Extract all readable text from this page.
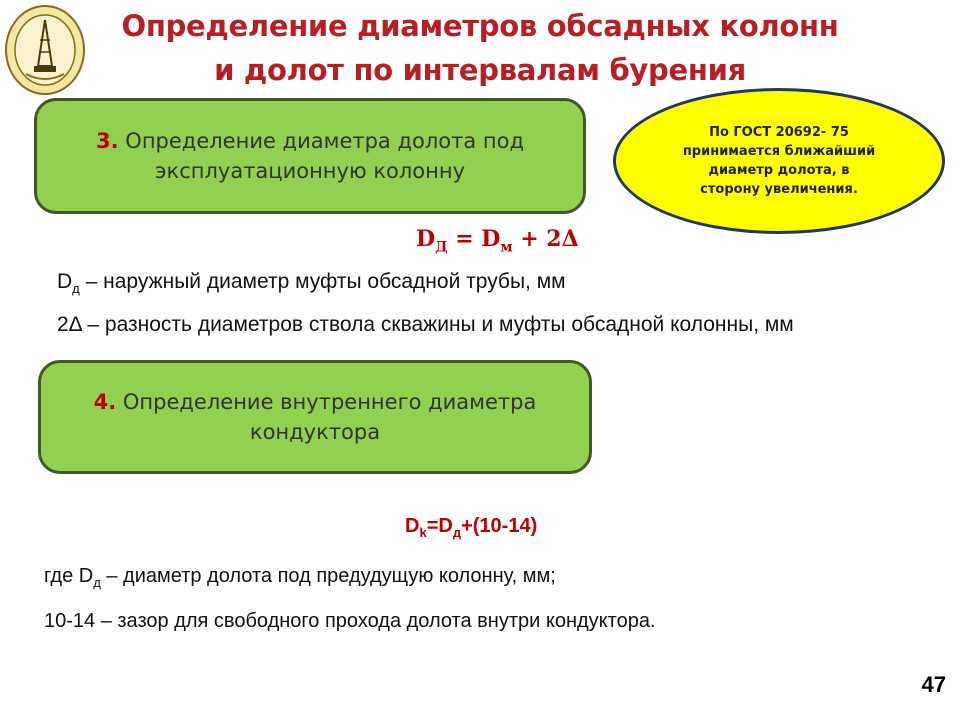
Определение диаметров обсадных колонн
и долот по интервалам бурения
3. Определение диаметра долота под
эксплуатационную колонну
По ГОСТ 20692- 75
принимается ближайший
диаметр долота, в
сторону увеличения.
$D_Д = D_м + 2\Delta$
$D_д$ – наружный диаметр муфты обсадной трубы, мм
2Δ – разность диаметров ствола скважины и муфты обсадной колонны, мм
4. Определение внутреннего диаметра
кондуктора
$D_k=D_д+(10-14)$
где $D_д$ – диаметр долота под предудущую колонну, мм;
10-14 – зазор для свободного прохода долота внутри кондуктора.
47
